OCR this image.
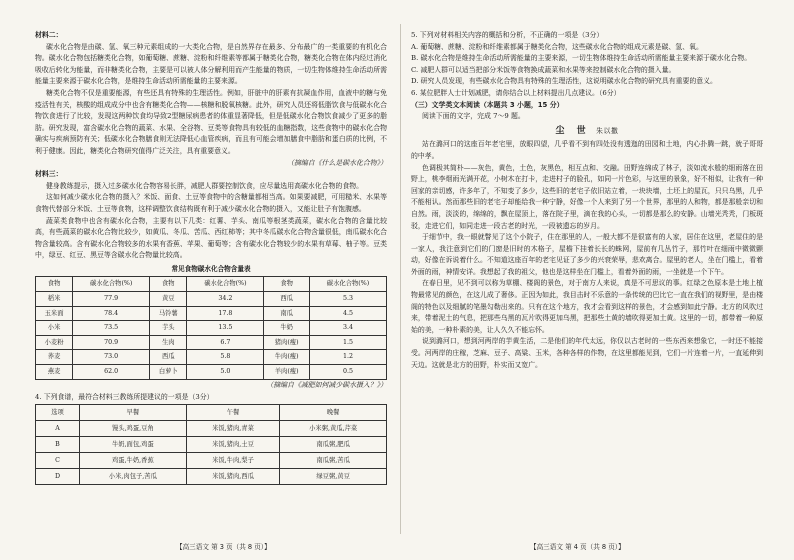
材料二：
碳水化合物是由碳、氢、氧三种元素组成的一大类化合物，是自然界存在最多、分布最广的一类重要的有机化合物。碳水化合物包括糖类化合物，如葡萄糖、蔗糖、淀粉和纤维素等都属于糖类化合物，糖类化合物在体内经过消化吸收后转化为能量，而非糖类化合物，主要是可以被人体分解利用而产生能量的物质，一切生物体维持生命活动所需能量主要来源于碳水化合物，是维持生命活动所需能量的主要来源。
糖类化合物不仅是重要能源，有些还具有特殊的生理活性。例如，肝脏中的肝素有抗凝血作用，血液中的糖与免疫活性有关，核酸的组成成分中也含有糖类化合物——核糖和脱氧核糖。此外，研究人员还将低脂饮食与低碳水化合物饮食进行了比较，发现这两种饮食均导致2型糖尿病患者的体重显著降低，但是低碳水化合物饮食减少了更多的脂肪。研究发现，富含碳水化合物的蔬菜、水果、全谷物、豆类等食物具有较低的血糖指数，这些食物中的碳水化合物确实与疾病预防有关；低碳水化合物膳食则无法降低心血管疾病，而且有可能会增加膳食中脂肪和蛋白质的比例，不利于健康。因此，糖类化合物研究值得广泛关注，具有重要意义。
（摘编自《什么是碳水化合物》）
材料三：
健身教练提示，摄入过多碳水化合物容易长胖，减肥人群要控制饮食，应尽量选用高碳水化合物的食物。
这如何减少碳水化合物的摄入？米饭、面食、土豆等食物中的含糖量都相当高。如果要减肥，可用糙米、水果等食物代替部分米饭、土豆等食物，这样调整饮食结构既有利于减少碳水化合物的摄入，又能让肚子有饱腹感。
蔬菜类食物中也含有碳水化合物，主要有以下几类：红薯、芋头、南瓜等根茎类蔬菜，碳水化合物的含量比较高，有些蔬菜的碳水化合物比较少，如黄瓜、冬瓜、苦瓜、西红柿等；其中冬瓜碳水化合物含量很低，南瓜碳水化合物含量较高。含有碳水化合物较多的水果有香蕉、苹果、葡萄等；含有碳水化合物较少的水果有草莓、柚子等。豆类中，绿豆、红豆、黑豆等含碳水化合物量比较高。
常见食物碳水化合物含量表
食物	碳水化合物(%)	食物	碳水化合物(%)	食物	碳水化合物(%)
稻米	77.9	黄豆	34.2	西瓜	5.3
玉米面	78.4	马铃薯	17.8	南瓜	4.5
小米	73.5	芋头	13.5	牛奶	3.4
小麦粉	70.9	生肉	6.7	猪肉(瘦)	1.5
荞麦	73.0	西瓜	5.8	牛肉(瘦)	1.2
燕麦	62.0	白萝卜	5.0	羊肉(瘦)	0.5
（摘编自《减肥如何减少碳水摄入？》）
4. 下列食谱，最符合材料三教练所提建议的一项是（3分）
选项	早餐	午餐	晚餐
A	馒头,鸡蛋,豆角	米饭,猪肉,青菜	小米粥,黄瓜,芹菜
B	牛奶,面包,鸡蛋	米饭,猪肉,土豆	南瓜粥,肥瓜
C	鸡蛋,牛奶,香蕉	米饭,牛肉,梨子	南瓜粥,苦瓜
D	小米,肉包子,苦瓜	米饭,猪肉,西瓜	绿豆粥,黄豆
5. 下列对材料相关内容的概括和分析，不正确的一项是（3分）
A. 葡萄糖、蔗糖、淀粉和纤维素都属于糖类化合物，这些碳水化合物的组成元素是碳、氢、氧。
B. 碳水化合物是维持生命活动所需能量的主要来源，一切生物体维持生命活动所需能量主要来源于碳水化合物。
C. 减肥人群可以适当把部分米饭等食物换成蔬菜和水果等来控制碳水化合物的摄入量。
D. 研究人员发现，有些碳水化合物具有特殊的生理活性，这说明碳水化合物的研究具有重要的意义。
6. 某位肥胖人士计划减肥，请你结合以上材料提出几点建议。（6分）
（三）文学类文本阅读（本题共 3 小题，15 分）
阅读下面的文字，完成 7～9 题。
尘 世 朱以撒
站在潞河口的这座百年老宅里，放眼四望，几乎看不到有四处没有透迤的田园和土地，内心扑腾一跳，就子哥哥的中孝。
色调极其简朴——灰色，黄色，土色，灰黑色，相互点和、交融。田野连绵成了林子，淡如流水般的细雨落在田野上，桃李烟雨光满开花，小树木在打卡，走进村子的脸孔，如同一片色彩，与这里的景象，好不相似，让我有一种回家的亲切感，许多年了，不知变了多少，这些旧的老宅子依旧站立着，一块块墙，土坯上的屋瓦，只只乌黑，几乎不能相认。然而那些旧的老宅子却能给我一种宁静，好像一个人来到了另一个世界，那里的人和物，都是那般亲切和自然。雨，淡淡的，绵绵的，飘在屋顶上，落在院子里，滴在我的心头，一切都是那么的安静。山墙光秃秃，门板斑驳，走进它们，如同走进一段古老的时光，一段被遗忘的岁月。
于细节中，我一眼就瞥见了这个小院子，住在那里的人，一般大都不是很富有的人家，居住在这里，老屋住的是一家人，我注意到它们的门窗是旧时的木格子，屋檐下挂着长长的蛛网，屋前有几丛竹子，那竹叶在细雨中微微颤动，好像在诉说着什么。不知道这座百年的老宅见证了多少的兴衰荣辱，悲欢离合。屋里的老人，坐在门槛上，看着外面的雨，神情安详。我想起了我的祖父，他也是这样坐在门槛上，看着外面的雨，一坐就是一个下午。
在春日里，见不到可以称为草棚、楼阁的景色，对于南方人来说，真是不可思议的事。红绿之色原本是土地上植物最常见的颜色，在这儿成了奢侈。正因为如此，我目击时不乐意的一条传统的巴比它一直在我们的视野里，是由楼阁的特色以及细腻的笔墨勾勒出来的。只有在这个地方，我才会看到这样的景色，才会感到如此宁静。北方的风吹过来，带着泥土的气息，把那些乌黑的瓦片吹得更加乌黑，把那些土黄的墙吹得更加土黄。这里的一切，都带着一种原始的美，一种朴素的美，让人久久不能忘怀。
说到潞河口，想到河两岸的芋黄生活，二是他们的年代太远，你仅以古老时的一些东西来想象它，一时还不能接受。河两岸的庄稼，芝麻、豆子、高粱、玉米，各种各样的作物，在这里都能见到，它们一片连着一片，一直延伸到天边。这就是北方的田野，朴实而又宽广。
【高三语文 第 3 页（共 8 页）】	【高三语文 第 4 页（共 8 页）】
